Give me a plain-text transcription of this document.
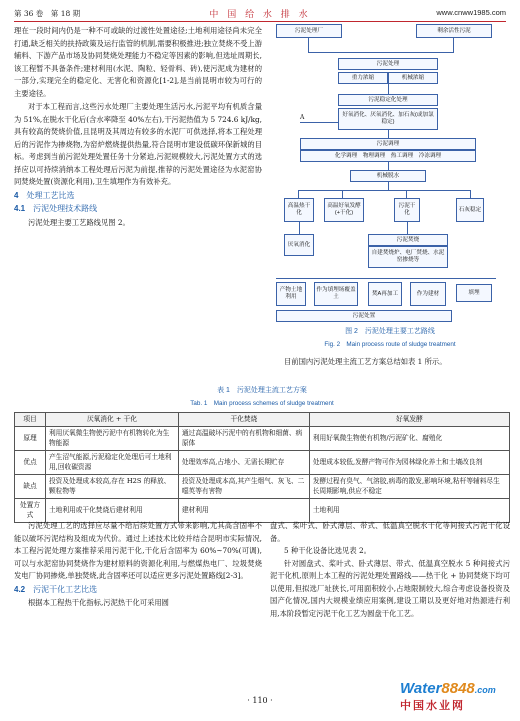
第 36 卷　第 18 期	中 国 给 水 排 水	www.cnww1985.com

理在一段时间内仍是一种不可或缺的过渡性处置途径;土地利用途径尚未完全打通,缺乏相关的扶持政策及运行监管的机制,需要积极推进;独立焚烧不受上游辅料、下游产品市场及协同焚烧处理能力不稳定等因素的影响,但选址周期长,该工程暂不具备条件;建材利用(水泥、陶粒、轻骨料、砖),使污泥成为建材的一部分,实现完全的稳定化、无害化和资源化[1-2],是当前昆明市较为可行的主要途径。

对于本工程而言,这些污水处理厂主要处理生活污水,污泥平均有机质含量为 51%,在脱水干化后(含水率降至 40%左右),干污泥热值为 5 724.6 kJ/kg,具有较高的焚烧价值,且昆明及其周边有较多的水泥厂可供选择,将本工程处理后的污泥作为掺烧物,为窑炉燃烧提供热量,符合昆明市建设低碳环保新城的目标。考虑到当前污泥处理处置任务十分紧迫,污泥规模较大,污泥处置方式的选择应以可持续消纳本工程处理后污泥为前提,推荐的污泥处置途径为水泥窑协同焚烧处置(资源化利用),卫生填埋作为有效补充。

4 处理工艺比选
4.1 污泥处理技术路线

污泥处理主要工艺路线见图 2。

污泥处理厂	剩余活性污泥
污泥处理
重力浓缩	机械浓缩
污泥稳定化处理
好氧消化、厌氧消化、加石灰(或加氯稳定)
A
污泥调理
化学调理　物理调理　热工调理　冷冻调理
机械脱水
高温热干化
高温好氧发酵(+干化)
污泥干化
石灰稳定
厌氧消化
污泥焚烧
自建焚烧炉、电厂焚烧、水泥窑掺烧等
产物土地利用
作为填埋场覆盖土
焚A再加工	作为建材	填埋
污泥处置
图 2　污泥处理主要工艺路线
Fig. 2　Main process route of sludge treatment

目前国内污泥处理主流工艺方案总结如表 1 所示。

表 1　污泥处理主流工艺方案
Tab. 1　Main process schemes of sludge treatment
项目	厌氧消化 + 干化	干化焚烧	好氧发酵
原理	利用厌氧微生物使污泥中有机物转化为生物能源	通过高温破坏污泥中的有机物和细菌、病原体	利用好氧微生物使有机物/污泥矿化、腐殖化
优点	产生沼气能源,污泥稳定化处理后可土地利用,回收碳资源	处理效率高,占地小、无需长期贮存	处理成本较低,发酵产物可作为园林绿化养土和土壤改良剂
缺点	投资及处理成本较高,存在 H2S 的释放、颗粒物等	投资及处理成本高,其产生烟气、灰飞、二噁英等有害物	发酵过程有臭气、气溶胶,病毒的散发,影响环境,粘杆等辅料尽生长周期影响,供应不稳定
处置方式	土地利用或干化焚烧后建材利用	建材利用	土地利用

污泥处理工艺的选择应尽量不给后续处置方式带来影响,尤其高含固率不能以破坏污泥结构及组成为代价。通过上述技术比较并结合昆明市实际情况,本工程污泥处理方案推荐采用污泥干化,干化后含固率为 60%~70%(可调),可以与水泥窑协同焚烧作为建材原料的资源化利用,与燃煤热电厂、垃圾焚烧发电厂协同掺烧,单独焚烧,此含固率还可以适应更多污泥处置路线[2-3]。

4.2 污泥干化工艺比选

根据本工程热干化指标,污泥热干化可采用圆

盘式、桨叶式、卧式薄层、带式、低温真空脱水干化等间接式污泥干化设备。

5 种干化设备比选见表 2。

针对圆盘式、桨叶式、卧式薄层、带式、低温真空脱水 5 种间接式污泥干化机,原则上本工程的污泥处理处置路线——热干化 + 协同焚烧下均可以使用,但拟选厂址狭长,可用面积较小,占地限制较大,综合考虑设备投资及国产化情况,国内大规模业绩应用案例,建设工期以及更好地对热源进行利用,本阶段暂定污泥干化工艺为圆盘干化工艺。

· 110 ·
Water8848.com
中国水业网
